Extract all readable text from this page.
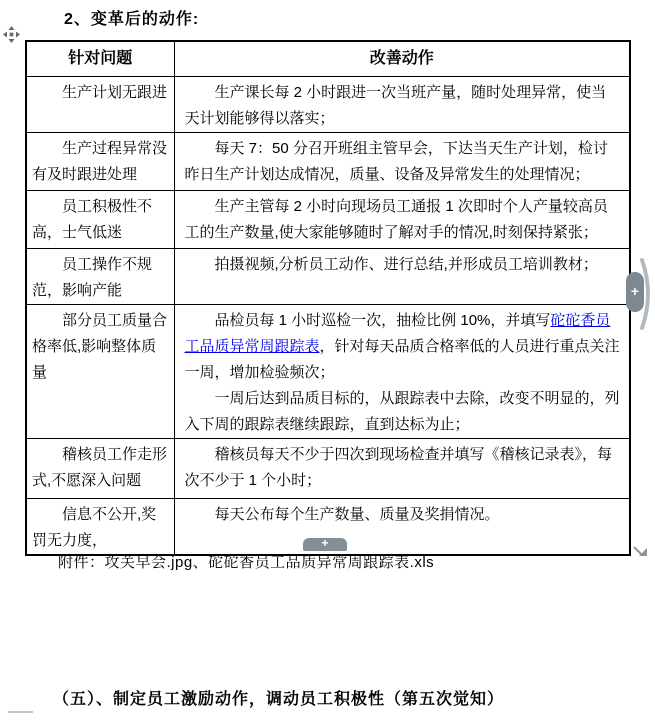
2、变革后的动作:
针对问题	改善动作
生产计划无跟进	生产课长每 2 小时跟进一次当班产量，随时处理异常，使当天计划能够得以落实；

生产过程异常没有及时跟进处理	每天 7：50 分召开班组主管早会，下达当天生产计划，检讨昨日生产计划达成情况，质量、设备及异常发生的处理情况；

员工积极性不高，士气低迷	生产主管每 2 小时向现场员工通报 1 次即时个人产量较高员工的生产数量,使大家能够随时了解对手的情况,时刻保持紧张；

员工操作不规范，影响产能	拍摄视频,分析员工动作、进行总结,并形成员工培训教材；

部分员工质量合格率低,影响整体质量	品检员每 1 小时巡检一次，抽检比例 10%，并填写砣砣香员工品质异常周跟踪表，针对每天品质合格率低的人员进行重点关注一周，增加检验频次；

一周后达到品质目标的，从跟踪表中去除，改变不明显的，列入下周的跟踪表继续跟踪，直到达标为止；

稽核员工作走形式,不愿深入问题	稽核员每天不少于四次到现场检查并填写《稽核记录表》，每次不少于 1 个小时；

信息不公开,奖罚无力度，	每天公布每个生产数量、质量及奖捐情况。

附件：攻关早会.jpg、砣砣香员工品质异常周跟踪表.xls
（五）、制定员工激励动作，调动员工积极性（第五次觉知）
+
+
